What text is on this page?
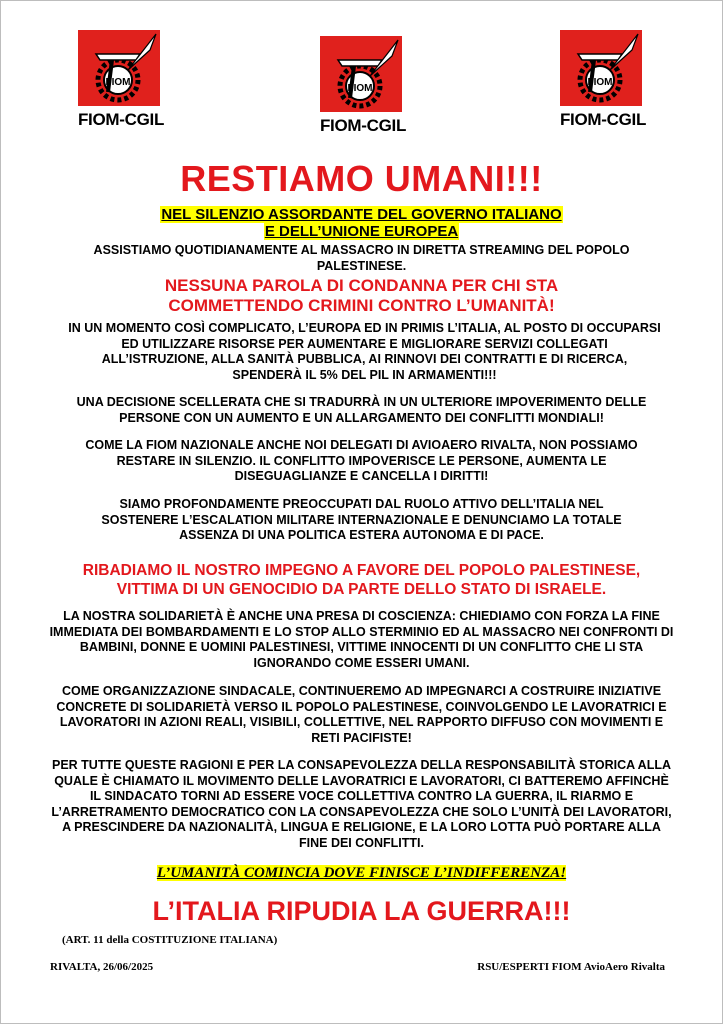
FIOM
FIOM-CGIL
FIOM
FIOM-CGIL
FIOM
FIOM-CGIL
RESTIAMO UMANI!!!
NEL SILENZIO ASSORDANTE DEL GOVERNO ITALIANO
E DELL’UNIONE EUROPEA

ASSISTIAMO QUOTIDIANAMENTE AL MASSACRO IN DIRETTA STREAMING DEL POPOLO PALESTINESE.

NESSUNA PAROLA DI CONDANNA PER CHI STA COMMETTENDO CRIMINI CONTRO L’UMANITÀ!

IN UN MOMENTO COSÌ COMPLICATO, L’EUROPA ED IN PRIMIS L’ITALIA, AL POSTO DI OCCUPARSI ED UTILIZZARE RISORSE PER AUMENTARE E MIGLIORARE SERVIZI COLLEGATI ALL’ISTRUZIONE, ALLA SANITÀ PUBBLICA, AI RINNOVI DEI CONTRATTI E DI RICERCA, SPENDERÀ IL 5% DEL PIL IN ARMAMENTI!!!

UNA DECISIONE SCELLERATA CHE SI TRADURRÀ IN UN ULTERIORE IMPOVERIMENTO DELLE PERSONE CON UN AUMENTO E UN ALLARGAMENTO DEI CONFLITTI MONDIALI!

COME LA FIOM NAZIONALE ANCHE NOI DELEGATI DI AVIOAERO RIVALTA, NON POSSIAMO RESTARE IN SILENZIO. IL CONFLITTO IMPOVERISCE LE PERSONE, AUMENTA LE DISEGUAGLIANZE E CANCELLA I DIRITTI!

SIAMO PROFONDAMENTE PREOCCUPATI DAL RUOLO ATTIVO DELL’ITALIA NEL SOSTENERE L’ESCALATION MILITARE INTERNAZIONALE E DENUNCIAMO LA TOTALE ASSENZA DI UNA POLITICA ESTERA AUTONOMA E DI PACE.

RIBADIAMO IL NOSTRO IMPEGNO A FAVORE DEL POPOLO PALESTINESE, VITTIMA DI UN GENOCIDIO DA PARTE DELLO STATO DI ISRAELE.

LA NOSTRA SOLIDARIETÀ È ANCHE UNA PRESA DI COSCIENZA: CHIEDIAMO CON FORZA LA FINE IMMEDIATA DEI BOMBARDAMENTI E LO STOP ALLO STERMINIO ED AL MASSACRO NEI CONFRONTI DI BAMBINI, DONNE E UOMINI PALESTINESI, VITTIME INNOCENTI DI UN CONFLITTO CHE LI STA IGNORANDO COME ESSERI UMANI.

COME ORGANIZZAZIONE SINDACALE, CONTINUEREMO AD IMPEGNARCI A COSTRUIRE INIZIATIVE CONCRETE DI SOLIDARIETÀ VERSO IL POPOLO PALESTINESE, COINVOLGENDO LE LAVORATRICI E LAVORATORI IN AZIONI REALI, VISIBILI, COLLETTIVE, NEL RAPPORTO DIFFUSO CON MOVIMENTI E RETI PACIFISTE!

PER TUTTE QUESTE RAGIONI E PER LA CONSAPEVOLEZZA DELLA RESPONSABILITÀ STORICA ALLA QUALE È CHIAMATO IL MOVIMENTO DELLE LAVORATRICI E LAVORATORI, CI BATTEREMO AFFINCHÈ IL SINDACATO TORNI AD ESSERE VOCE COLLETTIVA CONTRO LA GUERRA, IL RIARMO E L’ARRETRAMENTO DEMOCRATICO CON LA CONSAPEVOLEZZA CHE SOLO L’UNITÀ DEI LAVORATORI, A PRESCINDERE DA NAZIONALITÀ, LINGUA E RELIGIONE, E LA LORO LOTTA PUÒ PORTARE ALLA FINE DEI CONFLITTI.

L’UMANITÀ COMINCIA DOVE FINISCE L’INDIFFERENZA!
L’ITALIA RIPUDIA LA GUERRA!!!
(ART. 11 della COSTITUZIONE ITALIANA)
RIVALTA, 26/06/2025	RSU/ESPERTI FIOM AvioAero Rivalta
